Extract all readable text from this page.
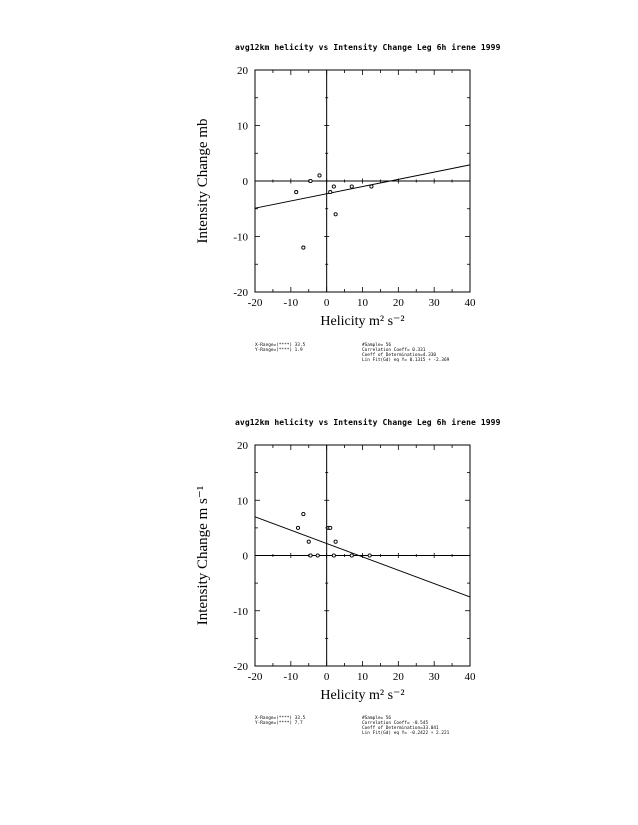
avg12km helicity vs Intensity Change Leg 6h irene 1999
-20 -10 0	10 20 30 40
20
10
0
-10
-20
Helicity m² s⁻²
Intensity Change mb
X-Range=(****) 33.5
Y-Range=(****) 1.9
#Sample= 56
Correlation Coeff= 0.331
Coeff of Determination=4.330
Lin Fit(Gd) eq Y= 0.1315 + -2.369
avg12km helicity vs Intensity Change Leg 6h irene 1999
-20 -10 0	10 20 30 40
20
10
0
-10
-20
Helicity m² s⁻²
Intensity Change m s⁻¹
X-Range=(****) 33.5
Y-Range=(****) 7.7
#Sample= 56
Correlation Coeff= -0.545
Coeff of Determination=33.041
Lin Fit(Gd) eq Y= -0.2422 + 2.221
